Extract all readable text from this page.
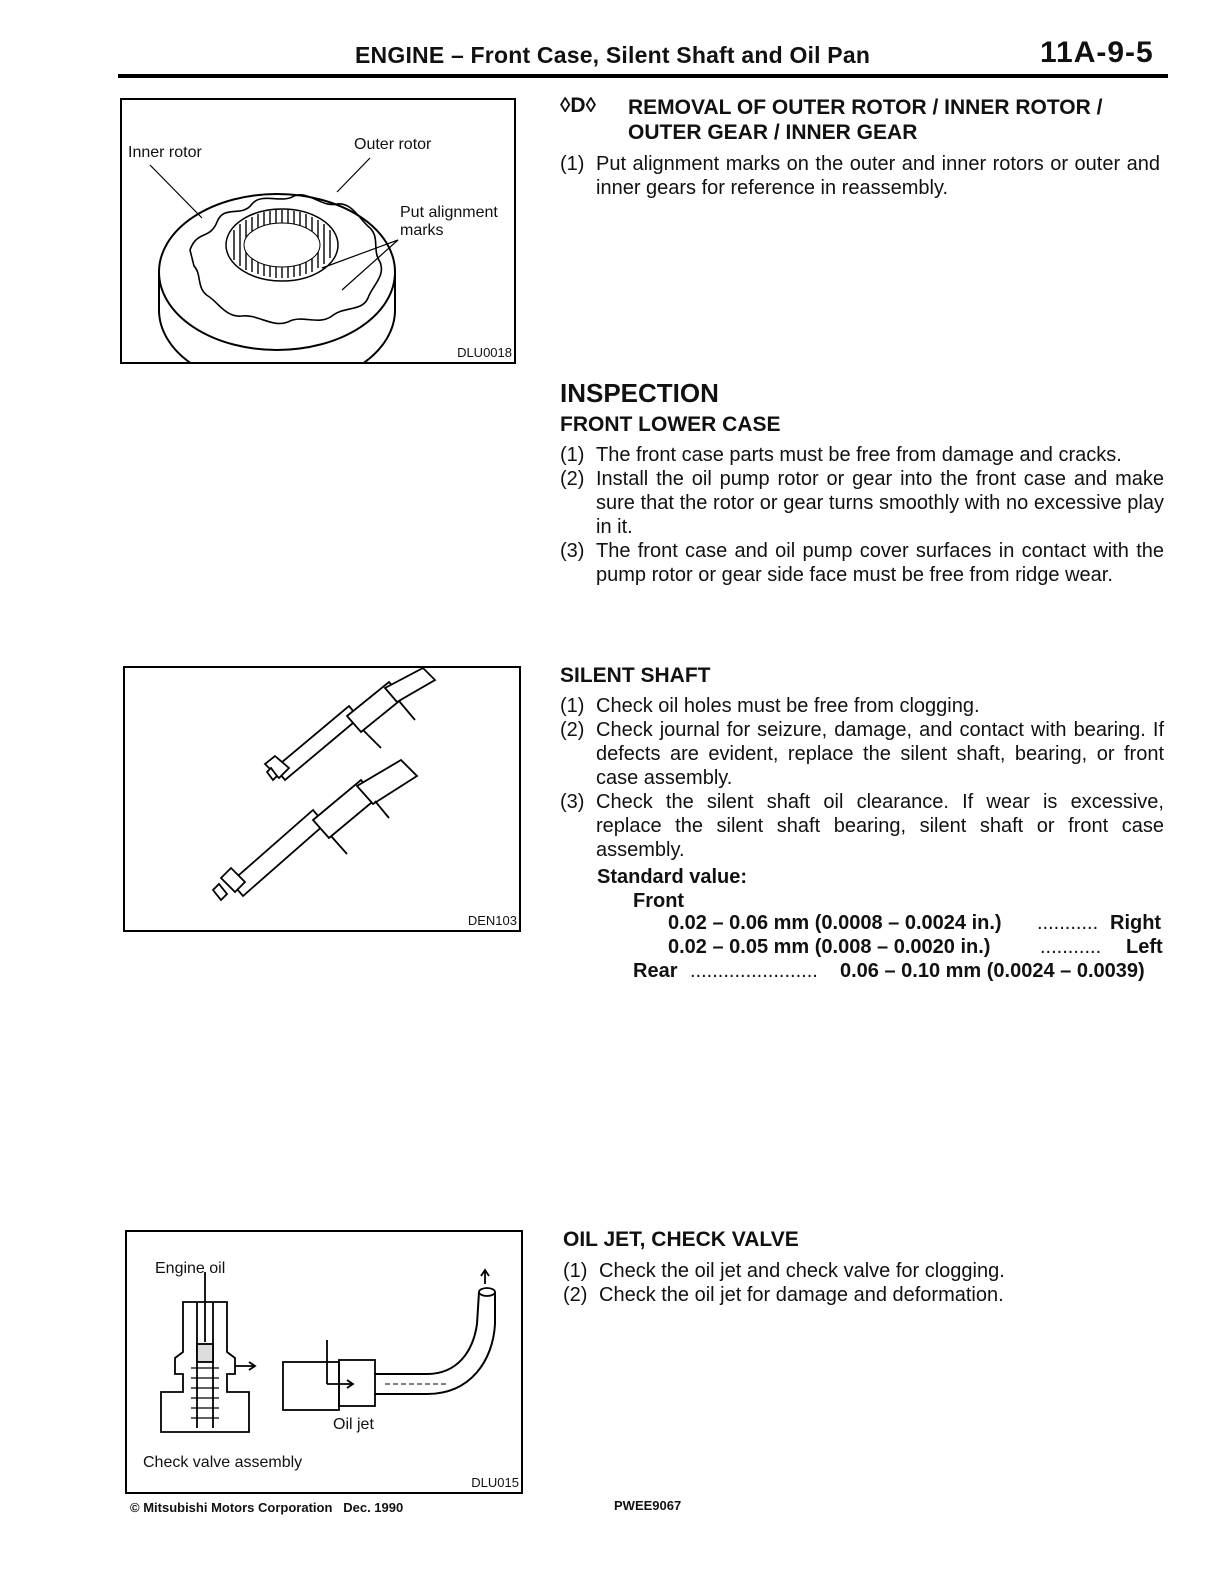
ENGINE – Front Case, Silent Shaft and Oil Pan	11A-9-5
Inner rotor	Outer rotor
Put alignment
marks
DLU0018
◊D◊ REMOVAL OF OUTER ROTOR / INNER ROTOR /
OUTER GEAR / INNER GEAR
(1) Put alignment marks on the outer and inner rotors or outer and inner gears for reference in reassembly.
INSPECTION
FRONT LOWER CASE
(1) The front case parts must be free from damage and cracks.
(2) Install the oil pump rotor or gear into the front case and make sure that the rotor or gear turns smoothly with no excessive play in it.
(3) The front case and oil pump cover surfaces in contact with the pump rotor or gear side face must be free from ridge wear.
DEN103
SILENT SHAFT
(1) Check oil holes must be free from clogging.
(2) Check journal for seizure, damage, and contact with bearing. If defects are evident, replace the silent shaft, bearing, or front case assembly.
(3) Check the silent shaft oil clearance. If wear is excessive, replace the silent shaft bearing, silent shaft or front case assembly.
Standard value:
Front
0.02 – 0.06 mm (0.0008 – 0.0024 in.) ........... Right
0.02 – 0.05 mm (0.008 – 0.0020 in.) ........... Left
Rear ....................... 0.06 – 0.10 mm (0.0024 – 0.0039)
Engine oil
Oil jet
Check valve assembly
DLU015
OIL JET, CHECK VALVE
(1) Check the oil jet and check valve for clogging.
(2) Check the oil jet for damage and deformation.
© Mitsubishi Motors Corporation   Dec. 1990	PWEE9067
